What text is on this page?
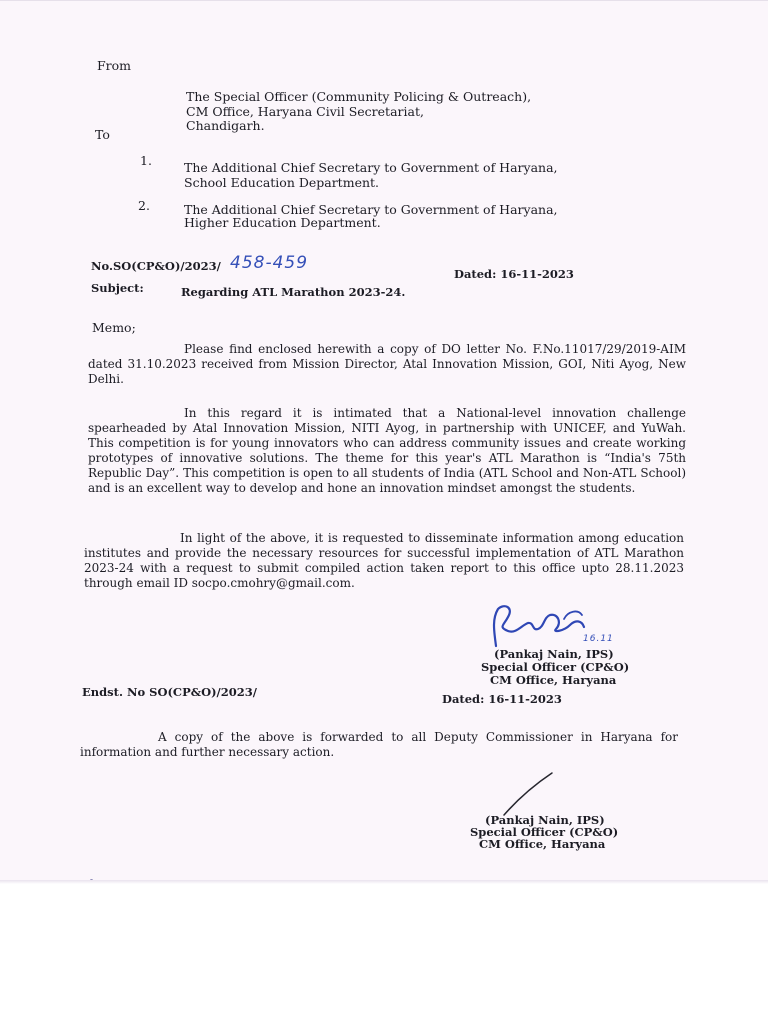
From
The Special Officer (Community Policing & Outreach),
CM Office, Haryana Civil Secretariat,
Chandigarh.
To
1.	The Additional Chief Secretary to Government of Haryana,
School Education Department.
2.	The Additional Chief Secretary to Government of Haryana,
Higher Education Department.
No.SO(CP&O)/2023/ 458-459
Dated: 16-11-2023
Subject:	Regarding ATL Marathon 2023-24.
Memo;

Please find enclosed herewith a copy of DO letter No. F.No.11017/29/2019-AIM dated 31.10.2023 received from Mission Director, Atal Innovation Mission, GOI, Niti Ayog, New Delhi.

In this regard it is intimated that a National-level innovation challenge spearheaded by Atal Innovation Mission, NITI Ayog, in partnership with UNICEF, and YuWah. This competition is for young innovators who can address community issues and create working prototypes of innovative solutions. The theme for this year's ATL Marathon is “India's 75th Republic Day”. This competition is open to all students of India (ATL School and Non-ATL School) and is an excellent way to develop and hone an innovation mindset amongst the students.

In light of the above, it is requested to disseminate information among education institutes and provide the necessary resources for successful implementation of ATL Marathon 2023-24 with a request to submit compiled action taken report to this office upto 28.11.2023 through email ID socpo.cmohry@gmail.com.

16.11
(Pankaj Nain, IPS)
Special Officer (CP&O)
CM Office, Haryana
Endst. No SO(CP&O)/2023/	Dated: 16-11-2023

A copy of the above is forwarded to all Deputy Commissioner in Haryana for information and further necessary action.

(Pankaj Nain, IPS)
Special Officer (CP&O)
CM Office, Haryana
